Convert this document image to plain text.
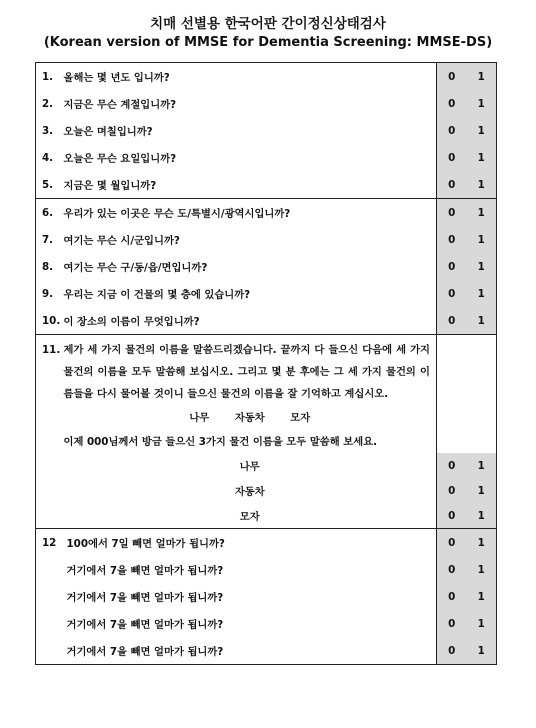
치매 선별용 한국어판 간이정신상태검사
(Korean version of MMSE for Dementia Screening: MMSE-DS)
1.	올해는 몇 년도 입니까?	0	1
2.	지금은 무슨 계절입니까?	0	1
3.	오늘은 며칠입니까?	0	1
4.	오늘은 무슨 요일입니까?	0	1
5.	지금은 몇 월입니까?	0	1
6.	우리가 있는 이곳은 무슨 도/특별시/광역시입니까?	0	1
7.	여기는 무슨 시/군입니까?	0	1
8.	여기는 무슨 구/동/읍/면입니까?	0	1
9.	우리는 지금 이 건물의 몇 층에 있습니까?	0	1
10.	이 장소의 이름이 무엇입니까?	0	1
11.	제가 세 가지 물건의 이름을 말씀드리겠습니다. 끝까지 다 들으신 다음에 세 가지 물건의 이름을 모두 말씀해 보십시오. 그리고 몇 분 후에는 그 세 가지 물건의 이름들을 다시 물어볼 것이니 들으신 물건의 이름을 잘 기억하고 계십시오.
나무 자동차 모자
이제 000님께서 방금 들으신 3가지 물건 이름을 모두 말씀해 보세요.		

	나무	0	1
	자동차	0	1
	모자	0	1
12	100에서 7일 빼면 얼마가 됩니까?	0	1
	거기에서 7을 빼면 얼마가 됩니까?	0	1
	거기에서 7을 빼면 얼마가 됩니까?	0	1
	거기에서 7을 빼면 얼마가 됩니까?	0	1
	거기에서 7을 빼면 얼마가 됩니까?	0	1
